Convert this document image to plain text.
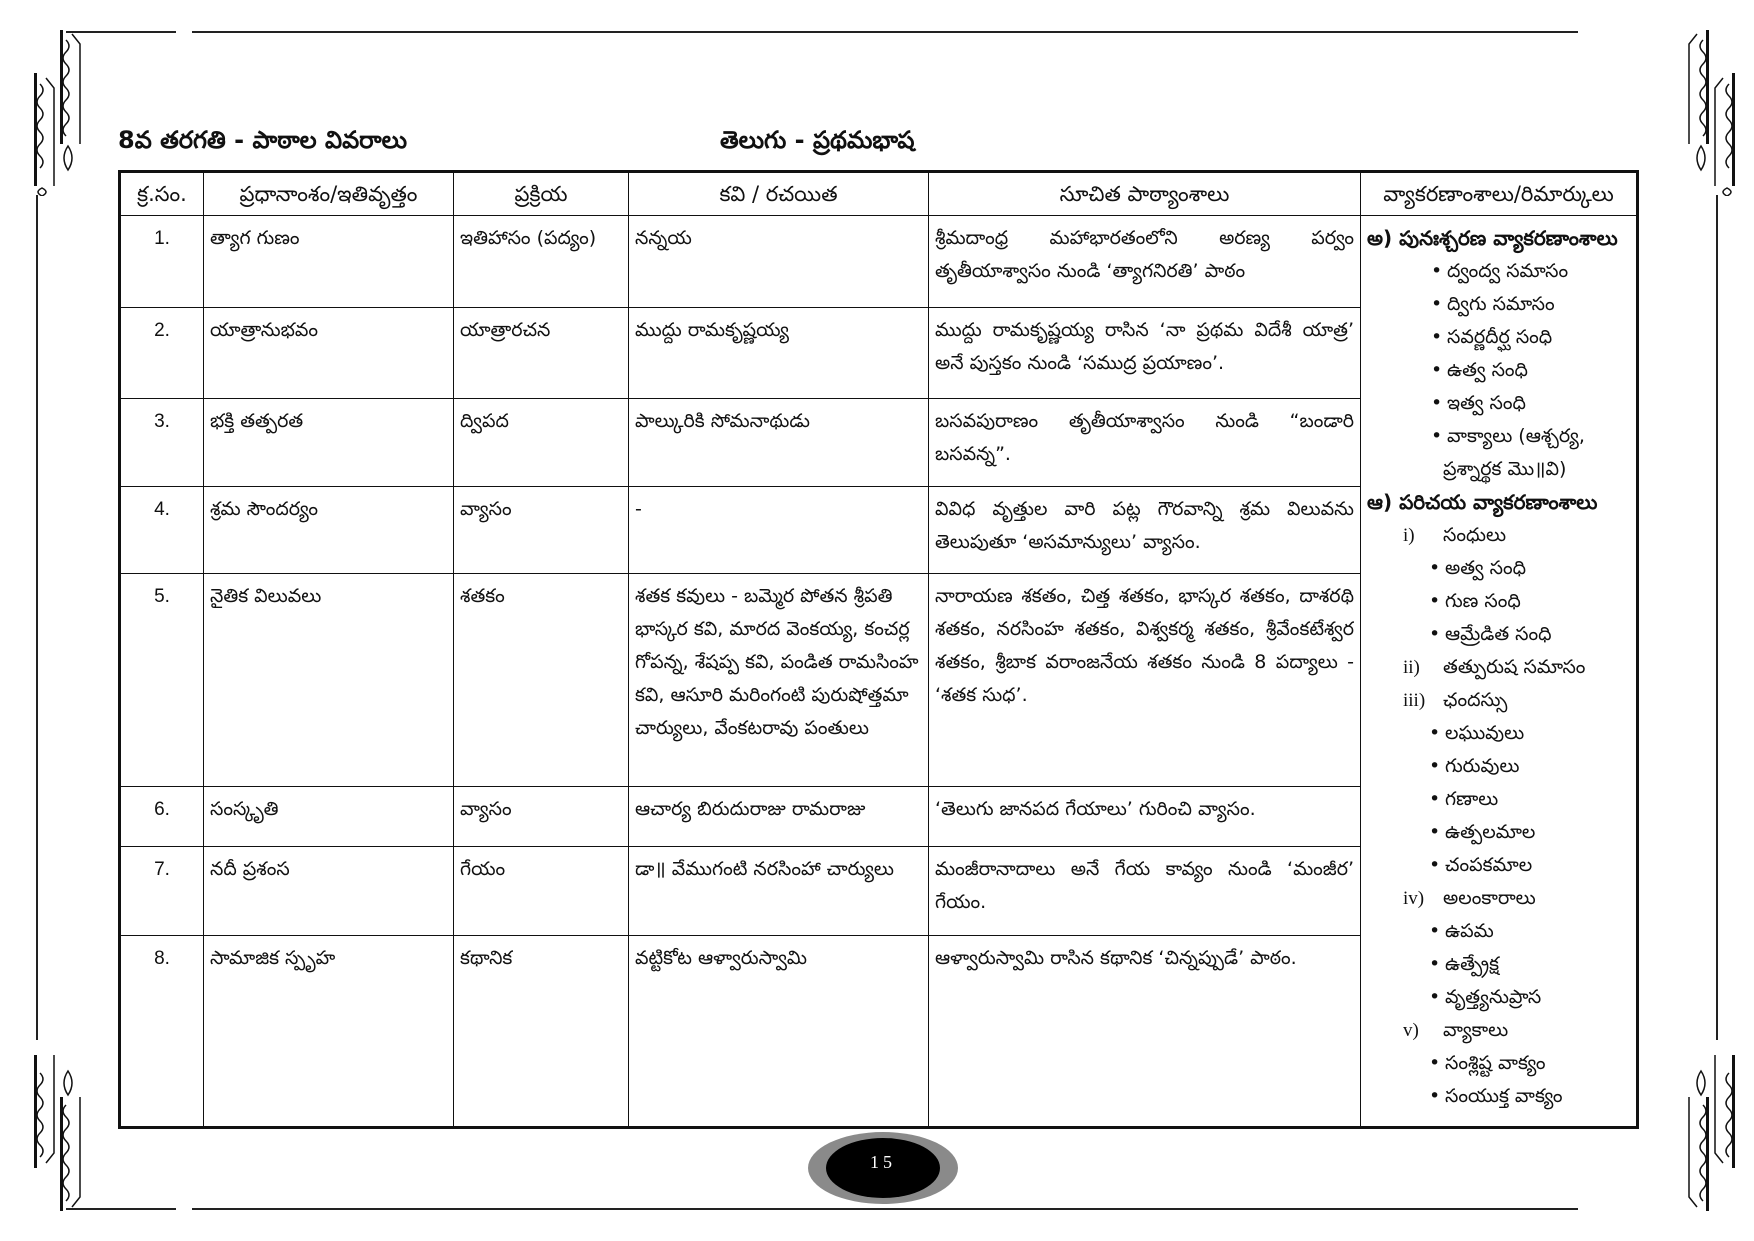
8వ తరగతి - పాఠాల వివరాలు	తెలుగు - ప్రథమభాష
క్ర.సం.	ప్రధానాంశం/ఇతివృత్తం	ప్రక్రియ	కవి / రచయిత	సూచిత పాఠ్యాంశాలు	వ్యాకరణాంశాలు/రిమార్కులు
1.	త్యాగ గుణం	ఇతిహాసం (పద్యం)	నన్నయ	శ్రీమదాంధ్ర మహాభారతంలోని అరణ్య పర్వం తృతీయాశ్వాసం నుండి ‘త్యాగనిరతి’ పాఠం	
అ) పునఃశ్చరణ వ్యాకరణాంశాలు
• ద్వంద్వ సమాసం
• ద్విగు సమాసం
• సవర్ణదీర్ఘ సంధి
• ఉత్వ సంధి
• ఇత్వ సంధి
• వాక్యాలు (ఆశ్చర్య,
ప్రశ్నార్థక మొ॥వి)
ఆ) పరిచయ వ్యాకరణాంశాలు
i) సంధులు
• అత్వ సంధి
• గుణ సంధి
• ఆమ్రేడిత సంధి
ii) తత్పురుష సమాసం
iii) ఛందస్సు
• లఘువులు
• గురువులు
• గణాలు
• ఉత్పలమాల
• చంపకమాల
iv) అలంకారాలు
• ఉపమ
• ఉత్ప్రేక్ష
• వృత్త్యనుప్రాస
v) వ్యాకాలు
• సంశ్లిష్ట వాక్యం
• సంయుక్త వాక్యం

2.	యాత్రానుభవం	యాత్రారచన	ముద్దు రామకృష్ణయ్య	ముద్దు రామకృష్ణయ్య రాసిన ‘నా ప్రథమ విదేశీ యాత్ర’ అనే పుస్తకం నుండి ‘సముద్ర ప్రయాణం’.	
3.	భక్తి తత్పరత	ద్విపద	పాల్కురికి సోమనాథుడు	బసవపురాణం తృతీయాశ్వాసం నుండి “బండారి బసవన్న”.	
4.	శ్రమ సౌందర్యం	వ్యాసం	-	వివిధ వృత్తుల వారి పట్ల గౌరవాన్ని శ్రమ విలువను తెలుపుతూ ‘అసమాన్యులు’ వ్యాసం.	
5.	నైతిక విలువలు	శతకం	శతక కవులు - బమ్మెర పోతన శ్రీపతి భాస్కర కవి, మారద వెంకయ్య, కంచర్ల గోపన్న, శేషప్ప కవి, పండిత రామసింహ కవి, ఆసూరి మరింగంటి పురుషోత్తమా చార్యులు, వేంకటరావు పంతులు	నారాయణ శకతం, చిత్త శతకం, భాస్కర శతకం, దాశరథి శతకం, నరసింహ శతకం, విశ్వకర్మ శతకం, శ్రీవేంకటేశ్వర శతకం, శ్రీబాక వరాంజనేయ శతకం నుండి 8 పద్యాలు - ‘శతక సుధ’.	
6.	సంస్కృతి	వ్యాసం	ఆచార్య బిరుదురాజు రామరాజు	‘తెలుగు జానపద గేయాలు’ గురించి వ్యాసం.	
7.	నదీ ప్రశంస	గేయం	డా॥ వేముగంటి నరసింహా చార్యులు	మంజీరానాదాలు అనే గేయ కావ్యం నుండి ‘మంజీర’ గేయం.	
8.	సామాజిక స్పృహ	కథానిక	వట్టికోట ఆళ్వారుస్వామి	ఆళ్వారుస్వామి రాసిన కథానిక ‘చిన్నప్పుడే’ పాఠం.	
15
